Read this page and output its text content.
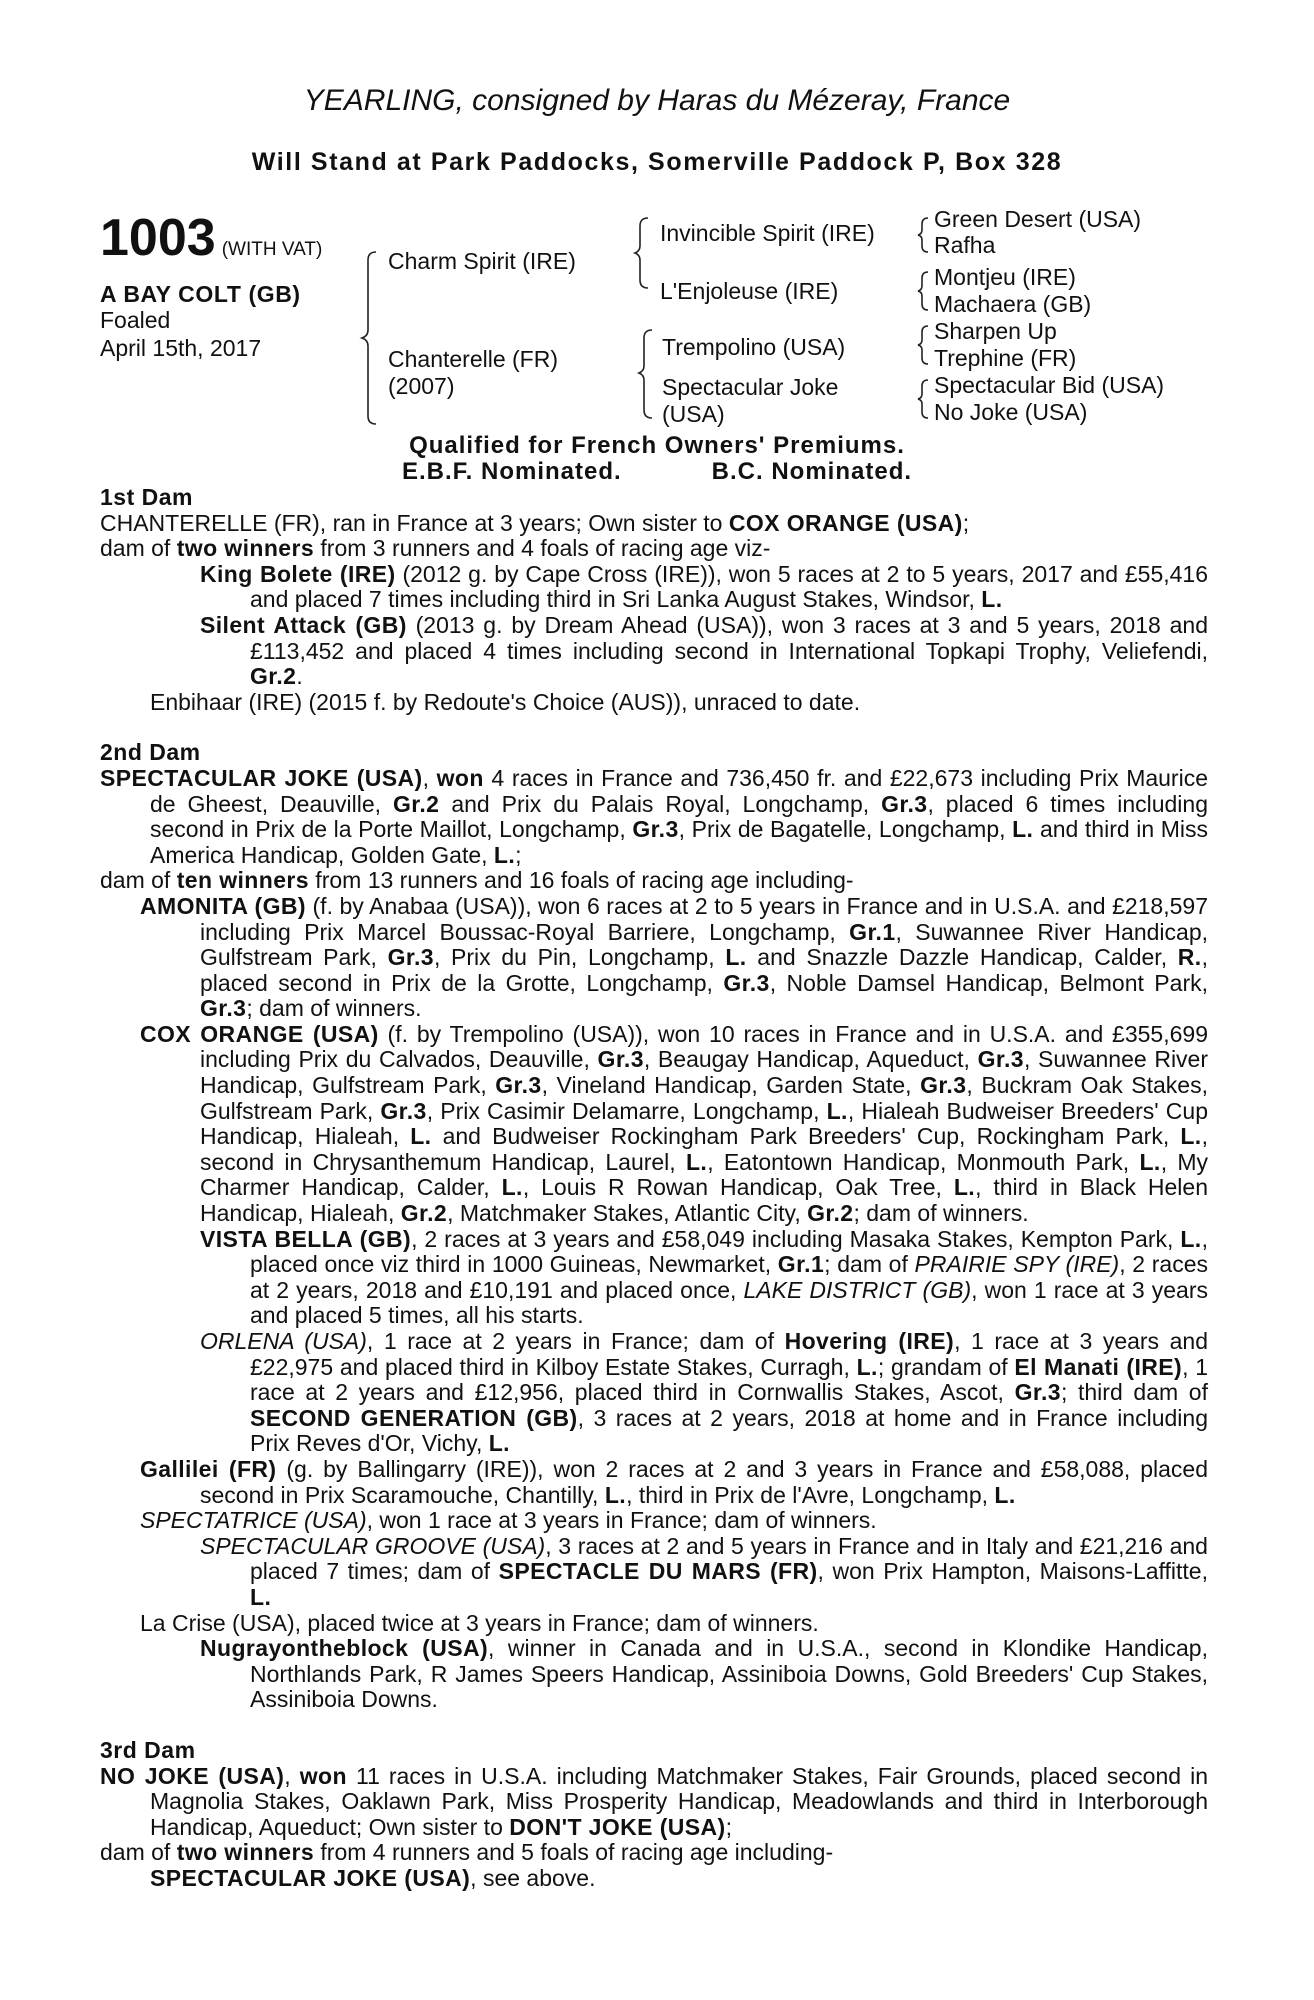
YEARLING, consigned by Haras du Mézeray, France
Will Stand at Park Paddocks, Somerville Paddock P, Box 328
1003 (WITH VAT)
A BAY COLT (GB)
Foaled
April 15th, 2017
Charm Spirit (IRE)
Chanterelle (FR)
(2007)
Invincible Spirit (IRE)
L'Enjoleuse (IRE)
Trempolino (USA)
Spectacular Joke
(USA)
Green Desert (USA)
Rafha
Montjeu (IRE)
Machaera (GB)
Sharpen Up
Trephine (FR)
Spectacular Bid (USA)
No Joke (USA)
Qualified for French Owners' Premiums.
E.B.F. Nominated.	B.C. Nominated.
1st Dam

CHANTERELLE (FR), ran in France at 3 years; Own sister to COX ORANGE (USA);

dam of two winners from 3 runners and 4 foals of racing age viz-

King Bolete (IRE) (2012 g. by Cape Cross (IRE)), won 5 races at 2 to 5 years, 2017 and £55,416 and placed 7 times including third in Sri Lanka August Stakes, Windsor, L.

Silent Attack (GB) (2013 g. by Dream Ahead (USA)), won 3 races at 3 and 5 years, 2018 and £113,452 and placed 4 times including second in International Topkapi Trophy, Veliefendi, Gr.2.

Enbihaar (IRE) (2015 f. by Redoute's Choice (AUS)), unraced to date.

2nd Dam

SPECTACULAR JOKE (USA), won 4 races in France and 736,450 fr. and £22,673 including Prix Maurice de Gheest, Deauville, Gr.2 and Prix du Palais Royal, Longchamp, Gr.3, placed 6 times including second in Prix de la Porte Maillot, Longchamp, Gr.3, Prix de Bagatelle, Longchamp, L. and third in Miss America Handicap, Golden Gate, L.;

dam of ten winners from 13 runners and 16 foals of racing age including-

AMONITA (GB) (f. by Anabaa (USA)), won 6 races at 2 to 5 years in France and in U.S.A. and £218,597 including Prix Marcel Boussac-Royal Barriere, Longchamp, Gr.1, Suwannee River Handicap, Gulfstream Park, Gr.3, Prix du Pin, Longchamp, L. and Snazzle Dazzle Handicap, Calder, R., placed second in Prix de la Grotte, Longchamp, Gr.3, Noble Damsel Handicap, Belmont Park, Gr.3; dam of winners.

COX ORANGE (USA) (f. by Trempolino (USA)), won 10 races in France and in U.S.A. and £355,699 including Prix du Calvados, Deauville, Gr.3, Beaugay Handicap, Aqueduct, Gr.3, Suwannee River Handicap, Gulfstream Park, Gr.3, Vineland Handicap, Garden State, Gr.3, Buckram Oak Stakes, Gulfstream Park, Gr.3, Prix Casimir Delamarre, Longchamp, L., Hialeah Budweiser Breeders' Cup Handicap, Hialeah, L. and Budweiser Rockingham Park Breeders' Cup, Rockingham Park, L., second in Chrysanthemum Handicap, Laurel, L., Eatontown Handicap, Monmouth Park, L., My Charmer Handicap, Calder, L., Louis R Rowan Handicap, Oak Tree, L., third in Black Helen Handicap, Hialeah, Gr.2, Matchmaker Stakes, Atlantic City, Gr.2; dam of winners.

VISTA BELLA (GB), 2 races at 3 years and £58,049 including Masaka Stakes, Kempton Park, L., placed once viz third in 1000 Guineas, Newmarket, Gr.1; dam of PRAIRIE SPY (IRE), 2 races at 2 years, 2018 and £10,191 and placed once, LAKE DISTRICT (GB), won 1 race at 3 years and placed 5 times, all his starts.

ORLENA (USA), 1 race at 2 years in France; dam of Hovering (IRE), 1 race at 3 years and £22,975 and placed third in Kilboy Estate Stakes, Curragh, L.; grandam of El Manati (IRE), 1 race at 2 years and £12,956, placed third in Cornwallis Stakes, Ascot, Gr.3; third dam of SECOND GENERATION (GB), 3 races at 2 years, 2018 at home and in France including Prix Reves d'Or, Vichy, L.

Gallilei (FR) (g. by Ballingarry (IRE)), won 2 races at 2 and 3 years in France and £58,088, placed second in Prix Scaramouche, Chantilly, L., third in Prix de l'Avre, Longchamp, L.

SPECTATRICE (USA), won 1 race at 3 years in France; dam of winners.

SPECTACULAR GROOVE (USA), 3 races at 2 and 5 years in France and in Italy and £21,216 and placed 7 times; dam of SPECTACLE DU MARS (FR), won Prix Hampton, Maisons-Laffitte, L.

La Crise (USA), placed twice at 3 years in France; dam of winners.

Nugrayontheblock (USA), winner in Canada and in U.S.A., second in Klondike Handicap, Northlands Park, R James Speers Handicap, Assiniboia Downs, Gold Breeders' Cup Stakes, Assiniboia Downs.

3rd Dam

NO JOKE (USA), won 11 races in U.S.A. including Matchmaker Stakes, Fair Grounds, placed second in Magnolia Stakes, Oaklawn Park, Miss Prosperity Handicap, Meadowlands and third in Interborough Handicap, Aqueduct; Own sister to DON'T JOKE (USA);

dam of two winners from 4 runners and 5 foals of racing age including-

SPECTACULAR JOKE (USA), see above.
